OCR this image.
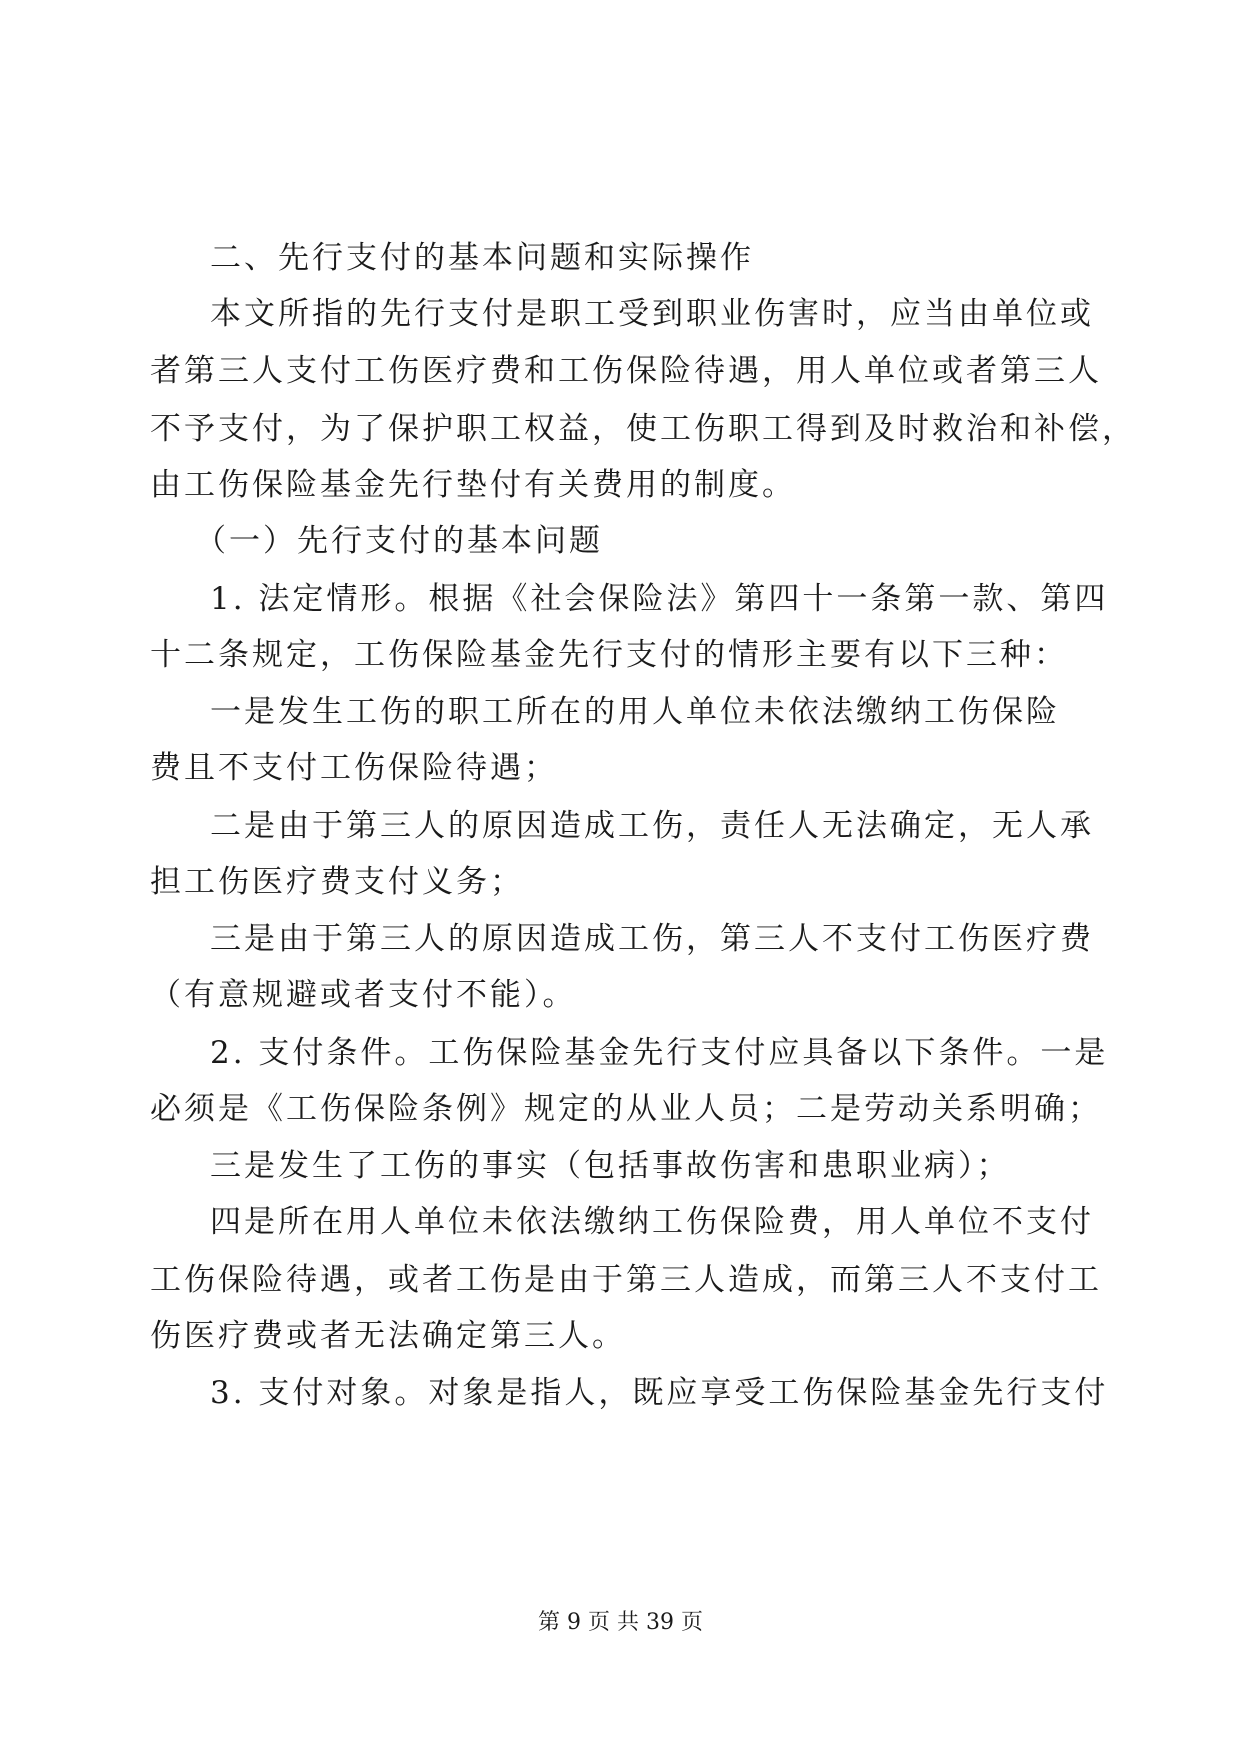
二、先行支付的基本问题和实际操作
本文所指的先行支付是职工受到职业伤害时，应当由单位或
者第三人支付工伤医疗费和工伤保险待遇，用人单位或者第三人
不予支付，为了保护职工权益，使工伤职工得到及时救治和补偿，
由工伤保险基金先行垫付有关费用的制度。
（一）先行支付的基本问题
1. 法定情形。根据《社会保险法》第四十一条第一款、第四
十二条规定，工伤保险基金先行支付的情形主要有以下三种：
一是发生工伤的职工所在的用人单位未依法缴纳工伤保险
费且不支付工伤保险待遇；
二是由于第三人的原因造成工伤，责任人无法确定，无人承
担工伤医疗费支付义务；
三是由于第三人的原因造成工伤，第三人不支付工伤医疗费
（有意规避或者支付不能）。
2. 支付条件。工伤保险基金先行支付应具备以下条件。一是
必须是《工伤保险条例》规定的从业人员；二是劳动关系明确；
三是发生了工伤的事实（包括事故伤害和患职业病）；
四是所在用人单位未依法缴纳工伤保险费，用人单位不支付
工伤保险待遇，或者工伤是由于第三人造成，而第三人不支付工
伤医疗费或者无法确定第三人。
3. 支付对象。对象是指人，既应享受工伤保险基金先行支付
第 9 页 共 39 页
